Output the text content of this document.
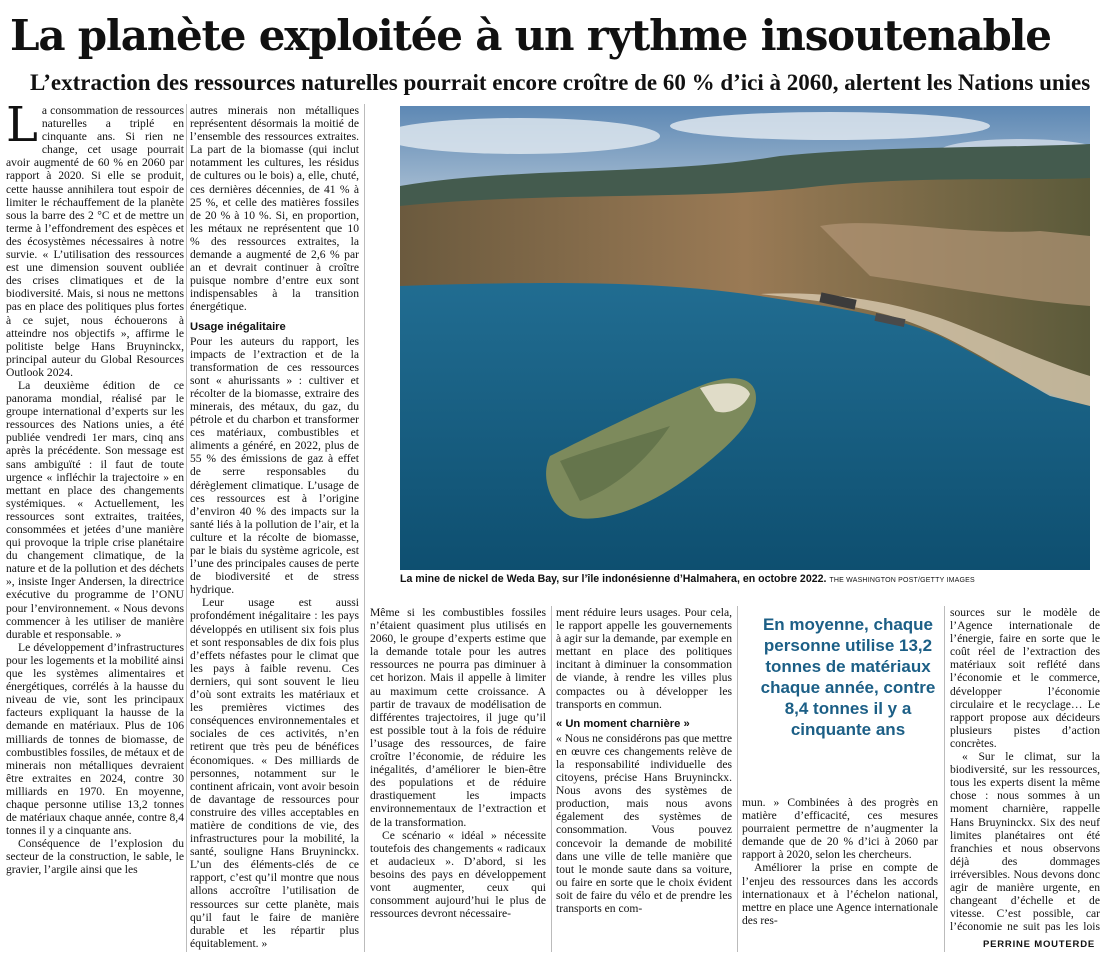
La planète exploitée à un rythme insoutenable
L’extraction des ressources naturelles pourrait encore croître de 60 % d’ici à 2060, alertent les Nations unies

La consommation de ressources naturelles a triplé en cinquante ans. Si rien ne change, cet usage pourrait avoir augmenté de 60 % en 2060 par rapport à 2020. Si elle se produit, cette hausse annihilera tout espoir de limiter le réchauffement de la planète sous la barre des 2 °C et de mettre un terme à l’effondrement des espèces et des écosystèmes nécessaires à notre survie. « L’utilisation des ressources est une dimension souvent oubliée des crises climatiques et de la biodiversité. Mais, si nous ne mettons pas en place des politiques plus fortes à ce sujet, nous échouerons à atteindre nos objectifs », affirme le politiste belge Hans Bruyninckx, principal auteur du Global Resources Outlook 2024.

La deuxième édition de ce panorama mondial, réalisé par le groupe international d’experts sur les ressources des Nations unies, a été publiée vendredi 1er mars, cinq ans après la précédente. Son message est sans ambiguïté : il faut de toute urgence « infléchir la trajectoire » en mettant en place des changements systémiques. « Actuellement, les ressources sont extraites, traitées, consommées et jetées d’une manière qui provoque la triple crise planétaire du changement climatique, de la nature et de la pollution et des déchets », insiste Inger Andersen, la directrice exécutive du programme de l’ONU pour l’environnement. « Nous devons commencer à les utiliser de manière durable et responsable. »

Le développement d’infrastructures pour les logements et la mobilité ainsi que les systèmes alimentaires et énergétiques, corrélés à la hausse du niveau de vie, sont les principaux facteurs expliquant la hausse de la demande en matériaux. Plus de 106 milliards de tonnes de biomasse, de combustibles fossiles, de métaux et de minerais non métalliques devraient être extraites en 2024, contre 30 milliards en 1970. En moyenne, chaque personne utilise 13,2 tonnes de matériaux chaque année, contre 8,4 tonnes il y a cinquante ans.

Conséquence de l’explosion du secteur de la construction, le sable, le gravier, l’argile ainsi que les

autres minerais non métalliques représentent désormais la moitié de l’ensemble des ressources extraites. La part de la biomasse (qui inclut notamment les cultures, les résidus de cultures ou le bois) a, elle, chuté, ces dernières décennies, de 41 % à 25 %, et celle des matières fossiles de 20 % à 10 %. Si, en proportion, les métaux ne représentent que 10 % des ressources extraites, la demande a augmenté de 2,6 % par an et devrait continuer à croître puisque nombre d’entre eux sont indispensables à la transition énergétique.

Usage inégalitaire

Pour les auteurs du rapport, les impacts de l’extraction et de la transformation de ces ressources sont « ahurissants » : cultiver et récolter de la biomasse, extraire des minerais, des métaux, du gaz, du pétrole et du charbon et transformer ces matériaux, combustibles et aliments a généré, en 2022, plus de 55 % des émissions de gaz à effet de serre responsables du dérèglement climatique. L’usage de ces ressources est à l’origine d’environ 40 % des impacts sur la santé liés à la pollution de l’air, et la culture et la récolte de biomasse, par le biais du système agricole, est l’une des principales causes de perte de biodiversité et de stress hydrique.

Leur usage est aussi profondément inégalitaire : les pays développés en utilisent six fois plus et sont responsables de dix fois plus d’effets néfastes pour le climat que les pays à faible revenu. Ces derniers, qui sont souvent le lieu d’où sont extraits les matériaux et les premières victimes des conséquences environnementales et sociales de ces activités, n’en retirent que très peu de bénéfices économiques. « Des milliards de personnes, notamment sur le continent africain, vont avoir besoin de davantage de ressources pour construire des villes acceptables en matière de conditions de vie, des infrastructures pour la mobilité, la santé, souligne Hans Bruyninckx. L’un des éléments-clés de ce rapport, c’est qu’il montre que nous allons accroître l’utilisation de ressources sur cette planète, mais qu’il faut le faire de manière durable et les répartir plus équitablement. »

La mine de nickel de Weda Bay, sur l’île indonésienne d’Halmahera, en octobre 2022. THE WASHINGTON POST/GETTY IMAGES

Même si les combustibles fossiles n’étaient quasiment plus utilisés en 2060, le groupe d’experts estime que la demande totale pour les autres ressources ne pourra pas diminuer à cet horizon. Mais il appelle à limiter au maximum cette croissance. A partir de travaux de modélisation de différentes trajectoires, il juge qu’il est possible tout à la fois de réduire l’usage des ressources, de faire croître l’économie, de réduire les inégalités, d’améliorer le bien-être des populations et de réduire drastiquement les impacts environnementaux de l’extraction et de la transformation.

Ce scénario « idéal » nécessite toutefois des changements « radicaux et audacieux ». D’abord, si les besoins des pays en développement vont augmenter, ceux qui consomment aujourd’hui le plus de ressources devront nécessaire-

ment réduire leurs usages. Pour cela, le rapport appelle les gouvernements à agir sur la demande, par exemple en mettant en place des politiques incitant à diminuer la consommation de viande, à rendre les villes plus compactes ou à développer les transports en commun.

« Un moment charnière »

« Nous ne considérons pas que mettre en œuvre ces changements relève de la responsabilité individuelle des citoyens, précise Hans Bruyninckx. Nous avons des systèmes de production, mais nous avons également des systèmes de consommation. Vous pouvez concevoir la demande de mobilité dans une ville de telle manière que tout le monde saute dans sa voiture, ou faire en sorte que le choix évident soit de faire du vélo et de prendre les transports en com-

En moyenne, chaque personne utilise 13,2 tonnes de matériaux chaque année, contre 8,4 tonnes il y a cinquante ans

mun. » Combinées à des progrès en matière d’efficacité, ces mesures pourraient permettre de n’augmenter la demande que de 20 % d’ici à 2060 par rapport à 2020, selon les chercheurs.

Améliorer la prise en compte de l’enjeu des ressources dans les accords internationaux et à l’échelon national, mettre en place une Agence internationale des res-

sources sur le modèle de l’Agence internationale de l’énergie, faire en sorte que le coût réel de l’extraction des matériaux soit reflété dans l’économie et le commerce, développer l’économie circulaire et le recyclage… Le rapport propose aux décideurs plusieurs pistes d’action concrètes.

« Sur le climat, sur la biodiversité, sur les ressources, tous les experts disent la même chose : nous sommes à un moment charnière, rappelle Hans Bruyninckx. Six des neuf limites planétaires ont été franchies et nous observons déjà des dommages irréversibles. Nous devons donc agir de manière urgente, en changeant d’échelle et de vitesse. C’est possible, car l’économie ne suit pas les lois

PERRINE MOUTERDE
